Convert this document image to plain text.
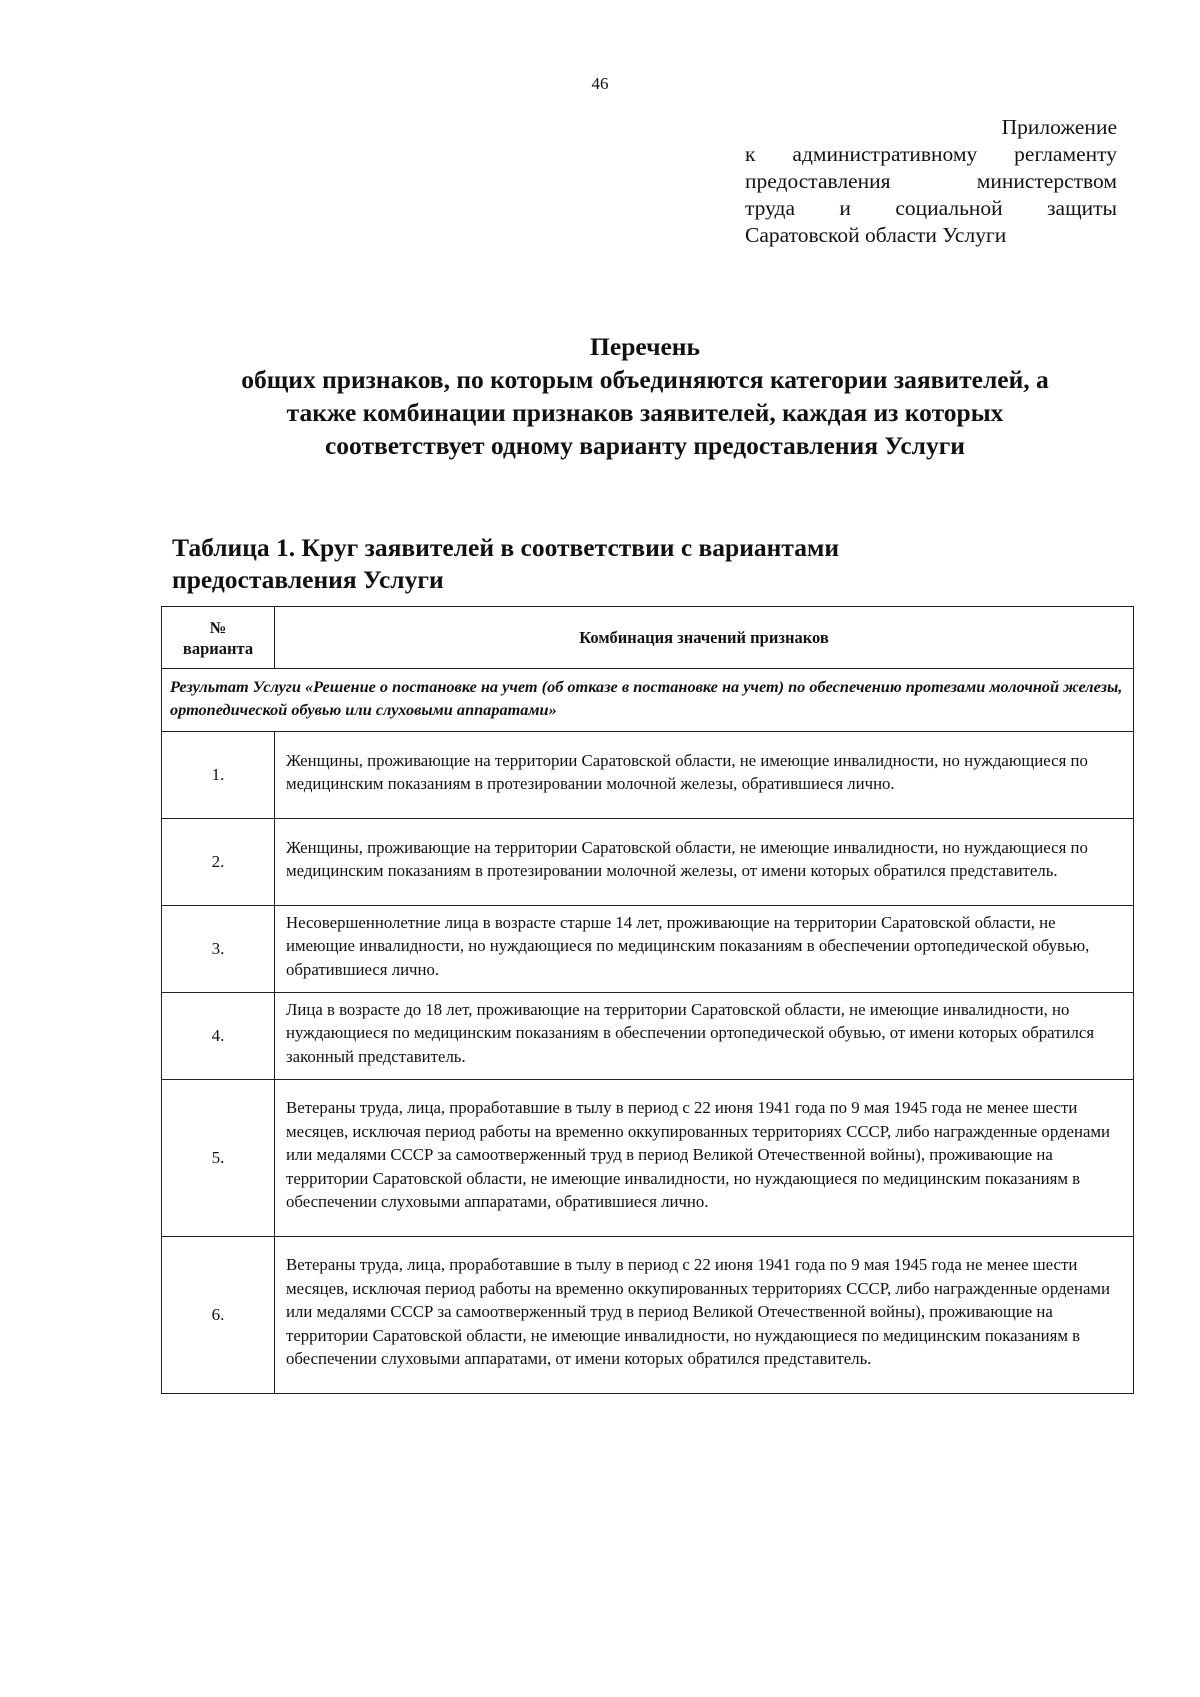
46
Приложение
к административному регламенту
предоставления министерством
труда и социальной защиты
Саратовской области Услуги
Перечень
общих признаков, по которым объединяются категории заявителей, а
также комбинации признаков заявителей, каждая из которых
соответствует одному варианту предоставления Услуги
Таблица 1. Круг заявителей в соответствии с вариантами
предоставления Услуги
№
варианта	Комбинация значений признаков
Результат Услуги «Решение о постановке на учет (об отказе в постановке на учет) по обеспечению протезами молочной железы, ортопедической обувью или слуховыми аппаратами»	
1.	Женщины, проживающие на территории Саратовской области, не имеющие инвалидности, но нуждающиеся по медицинским показаниям в протезировании молочной железы, обратившиеся лично.
2.	Женщины, проживающие на территории Саратовской области, не имеющие инвалидности, но нуждающиеся по медицинским показаниям в протезировании молочной железы, от имени которых обратился представитель.
3.	Несовершеннолетние лица в возрасте старше 14 лет, проживающие на территории Саратовской области, не имеющие инвалидности, но нуждающиеся по медицинским показаниям в обеспечении ортопедической обувью, обратившиеся лично.
4.	Лица в возрасте до 18 лет, проживающие на территории Саратовской области, не имеющие инвалидности, но нуждающиеся по медицинским показаниям в обеспечении ортопедической обувью, от имени которых обратился законный представитель.
5.	Ветераны труда, лица, проработавшие в тылу в период с 22 июня 1941 года по 9 мая 1945 года не менее шести месяцев, исключая период работы на временно оккупированных территориях СССР, либо награжденные орденами или медалями СССР за самоотверженный труд в период Великой Отечественной войны), проживающие на территории Саратовской области, не имеющие инвалидности, но нуждающиеся по медицинским показаниям в обеспечении слуховыми аппаратами, обратившиеся лично.
6.	Ветераны труда, лица, проработавшие в тылу в период с 22 июня 1941 года по 9 мая 1945 года не менее шести месяцев, исключая период работы на временно оккупированных территориях СССР, либо награжденные орденами или медалями СССР за самоотверженный труд в период Великой Отечественной войны), проживающие на территории Саратовской области, не имеющие инвалидности, но нуждающиеся по медицинским показаниям в обеспечении слуховыми аппаратами, от имени которых обратился представитель.
